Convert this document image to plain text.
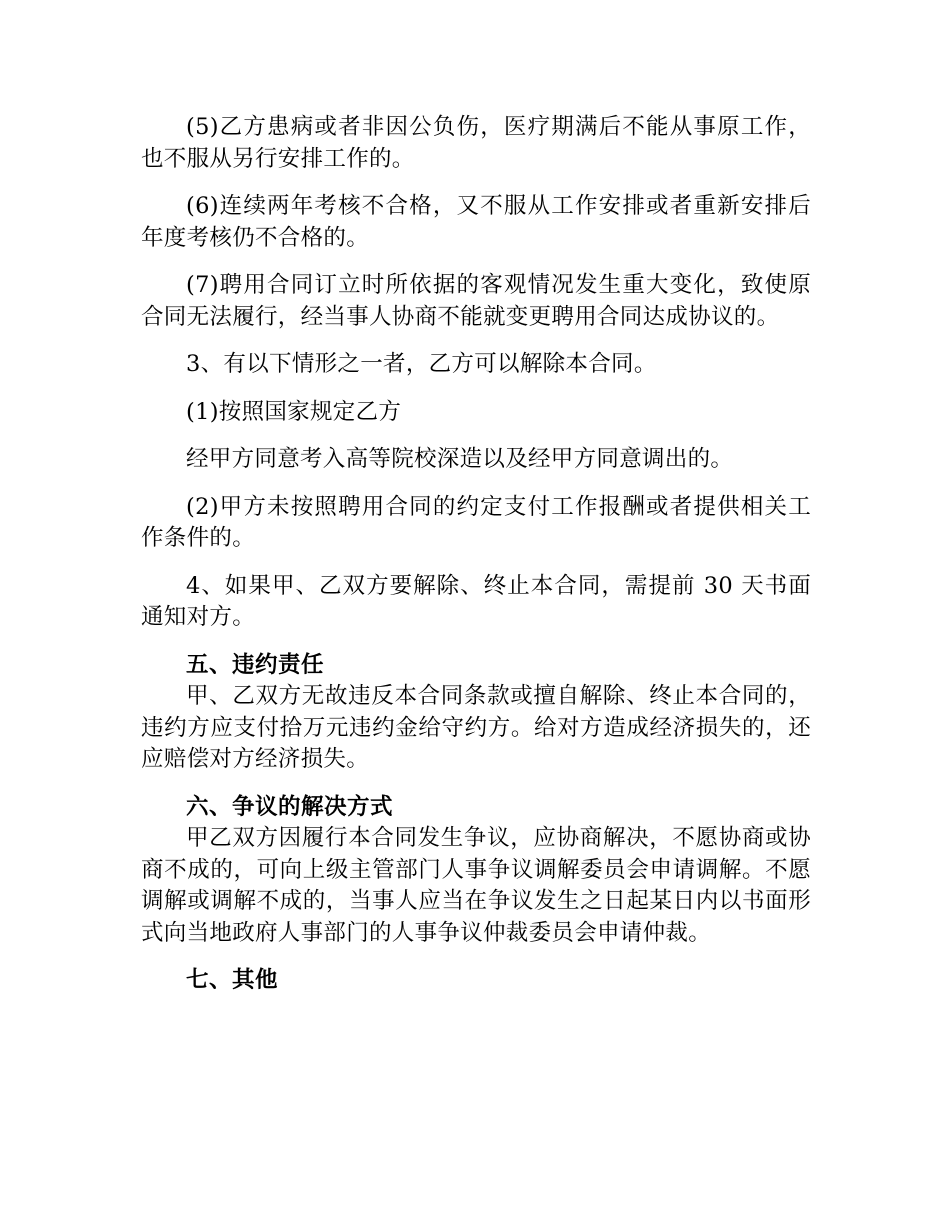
(5)乙方患病或者非因公负伤，医疗期满后不能从事原工作，也不服从另行安排工作的。

(6)连续两年考核不合格，又不服从工作安排或者重新安排后年度考核仍不合格的。

(7)聘用合同订立时所依据的客观情况发生重大变化，致使原合同无法履行，经当事人协商不能就变更聘用合同达成协议的。

3、有以下情形之一者，乙方可以解除本合同。

(1)按照国家规定乙方

经甲方同意考入高等院校深造以及经甲方同意调出的。

(2)甲方未按照聘用合同的约定支付工作报酬或者提供相关工作条件的。

4、如果甲、乙双方要解除、终止本合同，需提前 30 天书面通知对方。

五、违约责任

甲、乙双方无故违反本合同条款或擅自解除、终止本合同的，违约方应支付拾万元违约金给守约方。给对方造成经济损失的，还应赔偿对方经济损失。

六、争议的解决方式

甲乙双方因履行本合同发生争议，应协商解决，不愿协商或协商不成的，可向上级主管部门人事争议调解委员会申请调解。不愿调解或调解不成的，当事人应当在争议发生之日起某日内以书面形式向当地政府人事部门的人事争议仲裁委员会申请仲裁。

七、其他
